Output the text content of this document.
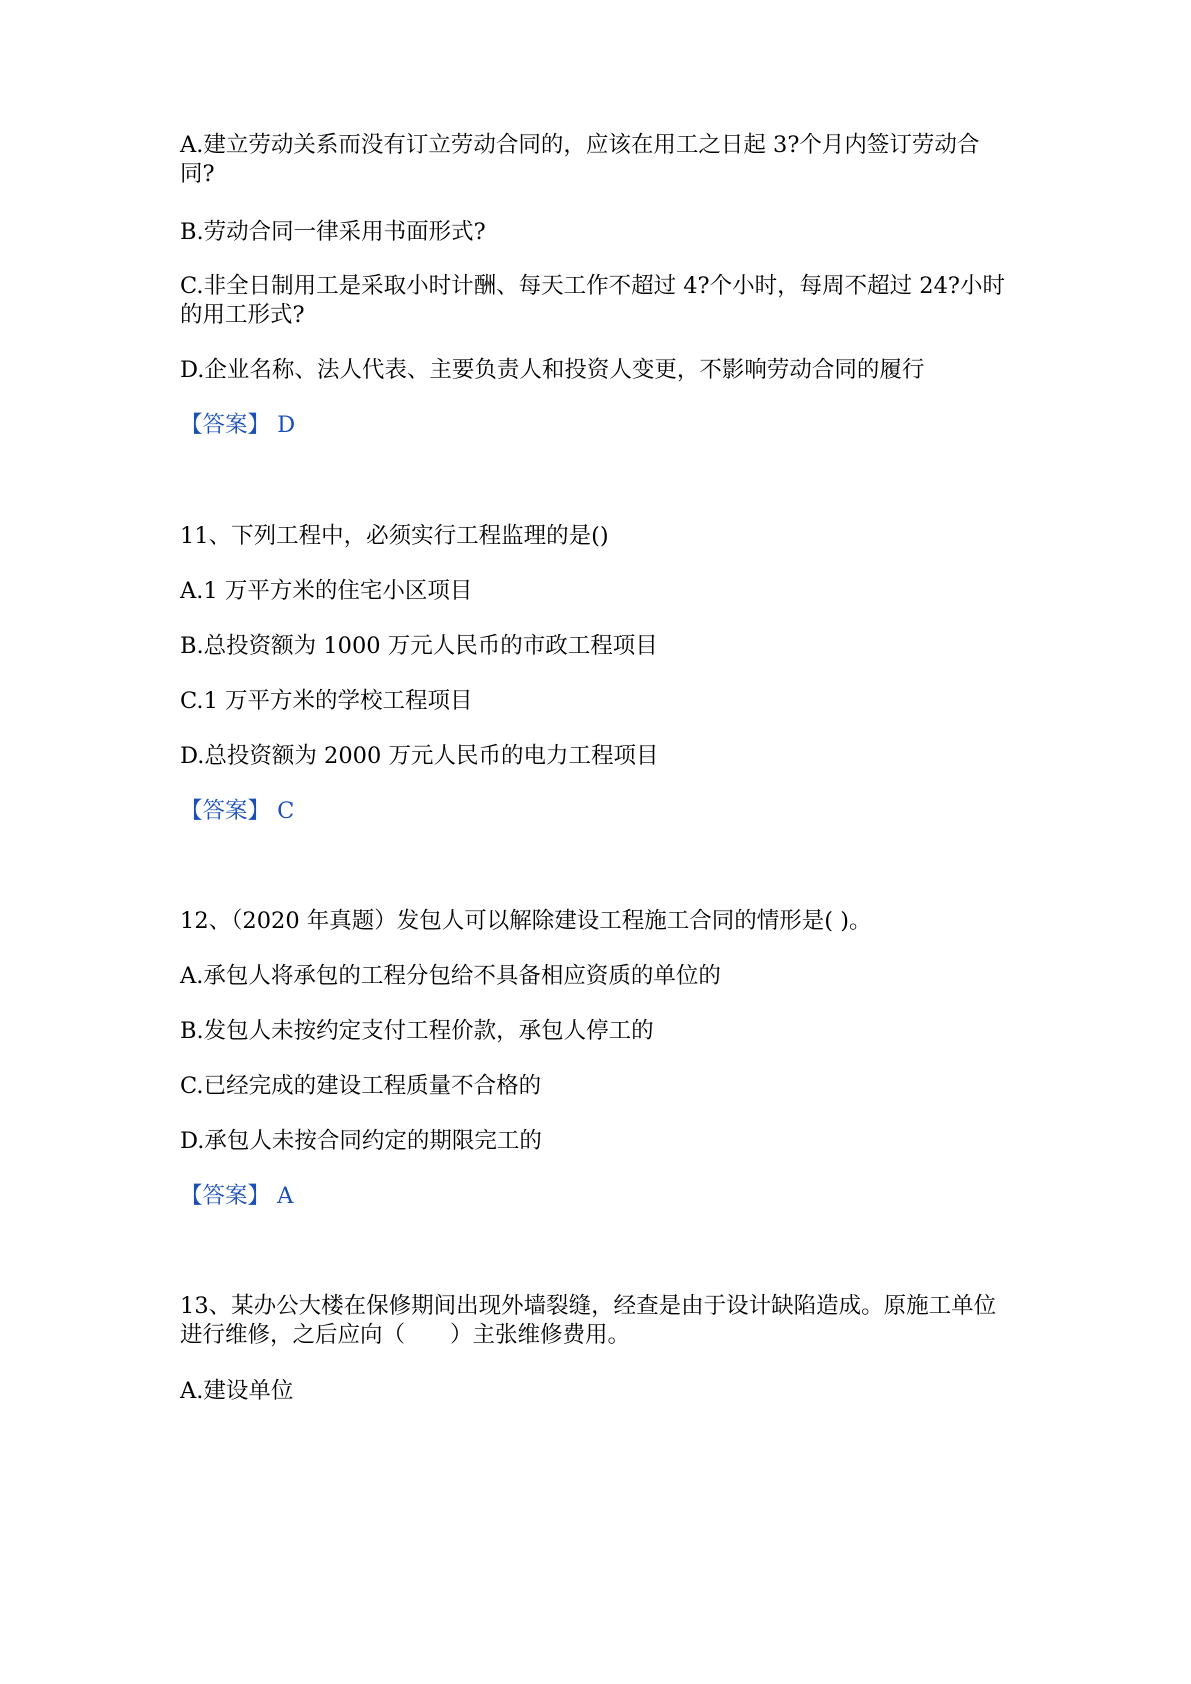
A.建立劳动关系而没有订立劳动合同的，应该在用工之日起 3?个月内签订劳动合同?
B.劳动合同一律采用书面形式?
C.非全日制用工是采取小时计酬、每天工作不超过 4?个小时，每周不超过 24?小时的用工形式?
D.企业名称、法人代表、主要负责人和投资人变更，不影响劳动合同的履行
【答案】 D
11、下列工程中，必须实行工程监理的是()
A.1 万平方米的住宅小区项目
B.总投资额为 1000 万元人民币的市政工程项目
C.1 万平方米的学校工程项目
D.总投资额为 2000 万元人民币的电力工程项目
【答案】 C
12、（2020 年真题）发包人可以解除建设工程施工合同的情形是( )。
A.承包人将承包的工程分包给不具备相应资质的单位的
B.发包人未按约定支付工程价款，承包人停工的
C.已经完成的建设工程质量不合格的
D.承包人未按合同约定的期限完工的
【答案】 A
13、某办公大楼在保修期间出现外墙裂缝，经查是由于设计缺陷造成。原施工单位进行维修，之后应向（　　）主张维修费用。
A.建设单位
